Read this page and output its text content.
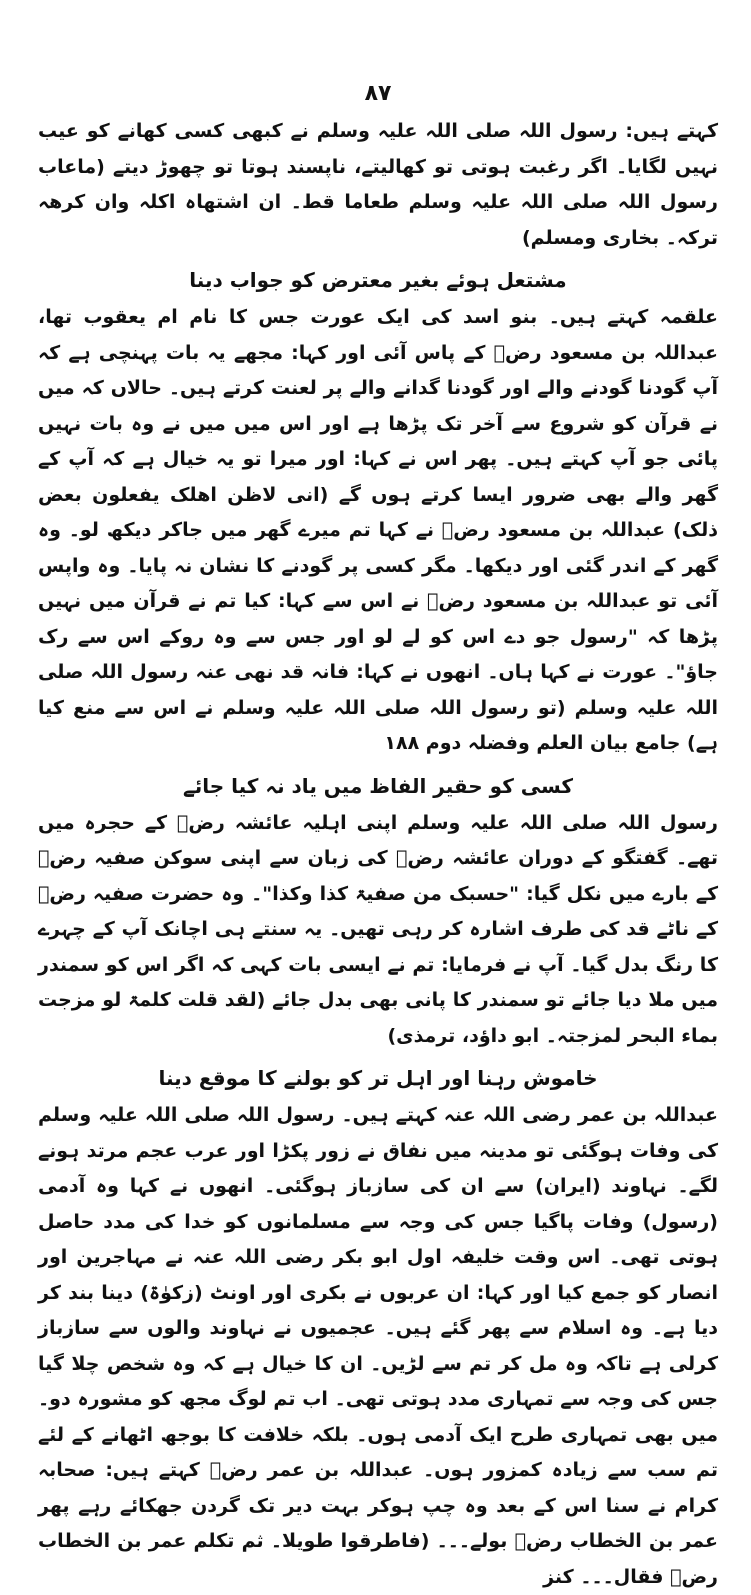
۸۷

کہتے ہیں: رسول اللہ صلی اللہ علیہ وسلم نے کبھی کسی کھانے کو عیب نہیں لگایا۔ اگر رغبت ہوتی تو کھالیتے، ناپسند ہوتا تو چھوڑ دیتے (ماعاب رسول اللہ صلی اللہ علیہ وسلم طعاما قط۔ ان اشتھاہ اکلہ وان کرھہ ترکہ۔ بخاری ومسلم)

مشتعل ہوئے بغیر معترض کو جواب دینا

علقمہ کہتے ہیں۔ بنو اسد کی ایک عورت جس کا نام ام یعقوب تھا، عبداللہ بن مسعود رضؓ کے پاس آئی اور کہا: مجھے یہ بات پہنچی ہے کہ آپ گودنا گودنے والے اور گودنا گدانے والے پر لعنت کرتے ہیں۔ حالاں کہ میں نے قرآن کو شروع سے آخر تک پڑھا ہے اور اس میں میں نے وہ بات نہیں پائی جو آپ کہتے ہیں۔ پھر اس نے کہا: اور میرا تو یہ خیال ہے کہ آپ کے گھر والے بھی ضرور ایسا کرتے ہوں گے (انی لاظن اھلک یفعلون بعض ذلک) عبداللہ بن مسعود رضؓ نے کہا تم میرے گھر میں جاکر دیکھ لو۔ وہ گھر کے اندر گئی اور دیکھا۔ مگر کسی پر گودنے کا نشان نہ پایا۔ وہ واپس آئی تو عبداللہ بن مسعود رضؓ نے اس سے کہا: کیا تم نے قرآن میں نہیں پڑھا کہ "رسول جو دے اس کو لے لو اور جس سے وہ روکے اس سے رک جاؤ"۔ عورت نے کہا ہاں۔ انھوں نے کہا: فانہ قد نھی عنہ رسول اللہ صلی اللہ علیہ وسلم (تو رسول اللہ صلی اللہ علیہ وسلم نے اس سے منع کیا ہے) جامع بیان العلم وفضلہ دوم ۱۸۸

کسی کو حقیر الفاظ میں یاد نہ کیا جائے

رسول اللہ صلی اللہ علیہ وسلم اپنی اہلیہ عائشہ رضؓ کے حجرہ میں تھے۔ گفتگو کے دوران عائشہ رضؓ کی زبان سے اپنی سوکن صفیہ رضؓ کے بارے میں نکل گیا: "حسبک من صفیۃ کذا وکذا"۔ وہ حضرت صفیہ رضؓ کے ناٹے قد کی طرف اشارہ کر رہی تھیں۔ یہ سنتے ہی اچانک آپ کے چہرے کا رنگ بدل گیا۔ آپ نے فرمایا: تم نے ایسی بات کہی کہ اگر اس کو سمندر میں ملا دیا جائے تو سمندر کا پانی بھی بدل جائے (لقد قلت کلمۃ لو مزجت بماء البحر لمزجتہ۔ ابو داؤد، ترمذی)

خاموش رہنا اور اہل تر کو بولنے کا موقع دینا

عبداللہ بن عمر رضی اللہ عنہ کہتے ہیں۔ رسول اللہ صلی اللہ علیہ وسلم کی وفات ہوگئی تو مدینہ میں نفاق نے زور پکڑا اور عرب عجم مرتد ہونے لگے۔ نہاوند (ایران) سے ان کی سازباز ہوگئی۔ انھوں نے کہا وہ آدمی (رسول) وفات پاگیا جس کی وجہ سے مسلمانوں کو خدا کی مدد حاصل ہوتی تھی۔ اس وقت خلیفہ اول ابو بکر رضی اللہ عنہ نے مہاجرین اور انصار کو جمع کیا اور کہا: ان عربوں نے بکری اور اونٹ (زکوٰۃ) دینا بند کر دیا ہے۔ وہ اسلام سے پھر گئے ہیں۔ عجمیوں نے نہاوند والوں سے سازباز کرلی ہے تاکہ وہ مل کر تم سے لڑیں۔ ان کا خیال ہے کہ وہ شخص چلا گیا جس کی وجہ سے تمہاری مدد ہوتی تھی۔ اب تم لوگ مجھ کو مشورہ دو۔ میں بھی تمہاری طرح ایک آدمی ہوں۔ بلکہ خلافت کا بوجھ اٹھانے کے لئے تم سب سے زیادہ کمزور ہوں۔ عبداللہ بن عمر رضؓ کہتے ہیں: صحابہ کرام نے سنا اس کے بعد وہ چپ ہوکر بہت دیر تک گردن جھکائے رہے پھر عمر بن الخطاب رضؓ بولے۔۔۔ (فاطرقوا طویلا۔ ثم تکلم عمر بن الخطاب رضؓ فقال۔۔۔ کنز
